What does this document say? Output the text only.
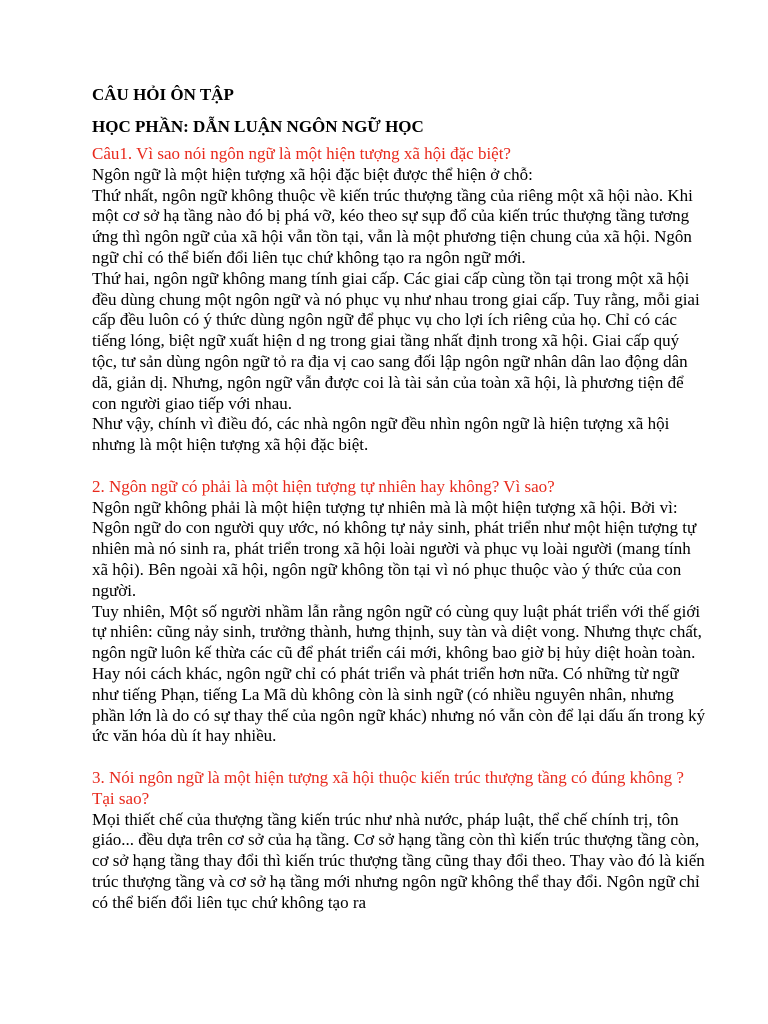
CÂU HỎI ÔN TẬP
HỌC PHẦN: DẪN LUẬN NGÔN NGỮ HỌC

Câu1. Vì sao nói ngôn ngữ là một hiện tượng xã hội đặc biệt?

Ngôn ngữ là một hiện tượng xã hội đặc biệt được thể hiện ở chỗ:

Thứ nhất, ngôn ngữ không thuộc về kiến trúc thượng tầng của riêng một xã hội nào. Khi một cơ sở hạ tầng nào đó bị phá vỡ, kéo theo sự sụp đổ của kiến trúc thượng tầng tương ứng thì ngôn ngữ của xã hội vẫn tồn tại, vẫn là một phương tiện chung của xã hội. Ngôn ngữ chỉ có thể biến đổi liên tục chứ không tạo ra ngôn ngữ mới.

Thứ hai, ngôn ngữ không mang tính giai cấp. Các giai cấp cùng tồn tại trong một xã hội đều dùng chung một ngôn ngữ và nó phục vụ như nhau trong giai cấp. Tuy rằng, mỗi giai cấp đều luôn có ý thức dùng ngôn ngữ để phục vụ cho lợi ích riêng của họ. Chỉ có các tiếng lóng, biệt ngữ xuất hiện d ng trong giai tầng nhất định trong xã hội. Giai cấp quý tộc, tư sản dùng ngôn ngữ tỏ ra địa vị cao sang đối lập ngôn ngữ nhân dân lao động dân dã, giản dị. Nhưng, ngôn ngữ vẫn được coi là tài sản của toàn xã hội, là phương tiện để con người giao tiếp với nhau.

Như vậy, chính vì điều đó, các nhà ngôn ngữ đều nhìn ngôn ngữ là hiện tượng xã hội nhưng là một hiện tượng xã hội đặc biệt.

2. Ngôn ngữ có phải là một hiện tượng tự nhiên hay không? Vì sao?

Ngôn ngữ không phải là một hiện tượng tự nhiên mà là một hiện tượng xã hội. Bởi vì: Ngôn ngữ do con người quy ước, nó không tự nảy sinh, phát triển như một hiện tượng tự nhiên mà nó sinh ra, phát triển trong xã hội loài người và phục vụ loài người (mang tính xã hội). Bên ngoài xã hội, ngôn ngữ không tồn tại vì nó phục thuộc vào ý thức của con người.

Tuy nhiên, Một số người nhầm lẫn rằng ngôn ngữ có cùng quy luật phát triển với thế giới tự nhiên: cũng nảy sinh, trưởng thành, hưng thịnh, suy tàn và diệt vong. Nhưng thực chất, ngôn ngữ luôn kế thừa các cũ để phát triển cái mới, không bao giờ bị hủy diệt hoàn toàn. Hay nói cách khác, ngôn ngữ chỉ có phát triển và phát triển hơn nữa. Có những từ ngữ như tiếng Phạn, tiếng La Mã dù không còn là sinh ngữ (có nhiều nguyên nhân, nhưng phần lớn là do có sự thay thế của ngôn ngữ khác) nhưng nó vẫn còn để lại dấu ấn trong ký ức văn hóa dù ít hay nhiều.

3. Nói ngôn ngữ là một hiện tượng xã hội thuộc kiến trúc thượng tầng có đúng không ? Tại sao?

Mọi thiết chế của thượng tầng kiến trúc như nhà nước, pháp luật, thể chế chính trị, tôn giáo... đều dựa trên cơ sở của hạ tầng. Cơ sở hạng tầng còn thì kiến trúc thượng tầng còn, cơ sở hạng tầng thay đổi thì kiến trúc thượng tầng cũng thay đổi theo. Thay vào đó là kiến trúc thượng tầng và cơ sở hạ tầng mới nhưng ngôn ngữ không thể thay đổi. Ngôn ngữ chỉ có thể biến đổi liên tục chứ không tạo ra
